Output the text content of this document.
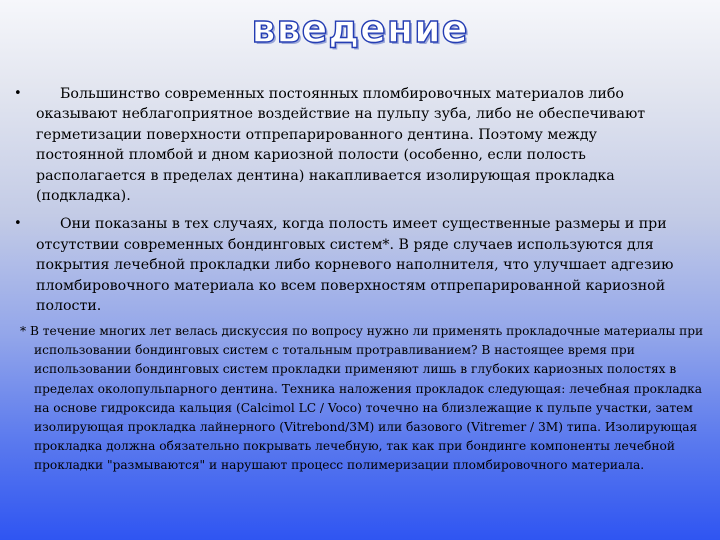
введение
•	Большинство современных постоянных пломбировочных материалов либо оказывают неблагоприятное воздействие на пульпу зуба, либо не обеспечивают герметизации поверхности отпрепарированного дентина. Поэтому между постоянной пломбой и дном кариозной полости (особенно, если полость располагается в пределах дентина) накапливается изолирующая прокладка (подкладка).
•	Они показаны в тех случаях, когда полость имеет существенные размеры и при отсутствии современных бондинговых систем*. В ряде случаев используются для покрытия лечебной прокладки либо корневого наполнителя, что улучшает адгезию пломбировочного материала ко всем поверхностям отпрепарированной кариозной полости.
* В течение многих лет велась дискуссия по вопросу нужно ли применять прокладочные материалы при использовании бондинговых систем с тотальным протравливанием? В настоящее время при использовании бондинговых систем прокладки применяют лишь в глубоких кариозных полостях в пределах околопульпарного дентина. Техника наложения прокладок следующая: лечебная прокладка на основе гидроксида кальция (Calcimol LC / Voco) точечно на близлежащие к пульпе участки, затем изолирующая прокладка лайнерного (Vitrebond/3M) или базового (Vitremer / 3M) типа. Изолирующая прокладка должна обязательно покрывать лечебную, так как при бондинге компоненты лечебной прокладки "размываются" и нарушают процесс полимеризации пломбировочного материала.
